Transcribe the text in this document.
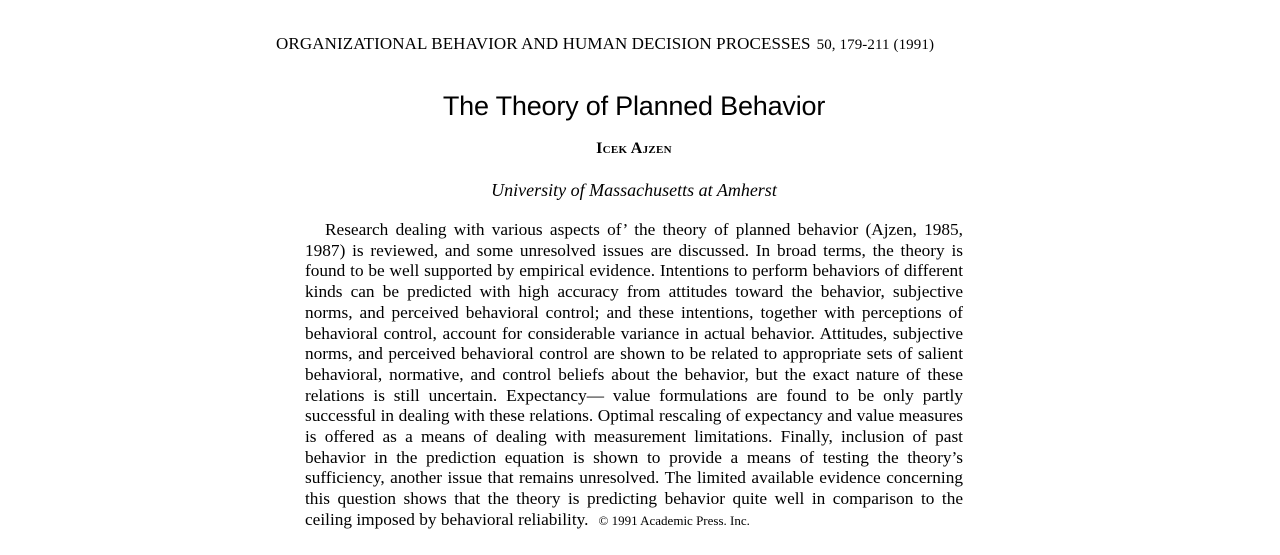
ORGANIZATIONAL BEHAVIOR AND HUMAN DECISION PROCESSES 50, 179-211 (1991)
The Theory of Planned Behavior
Icek Ajzen
University of Massachusetts at Amherst

Research dealing with various aspects of’ the theory of planned behavior (Ajzen, 1985, 1987) is reviewed, and some unresolved issues are discussed. In broad terms, the theory is found to be well supported by empirical evidence. Intentions to perform behaviors of different kinds can be predicted with high accuracy from attitudes toward the behavior, subjective norms, and perceived behavioral control; and these intentions, together with perceptions of behavioral control, account for considerable variance in actual behavior. Attitudes, subjective norms, and perceived behavioral control are shown to be related to appropriate sets of salient behavioral, normative, and control beliefs about the behavior, but the exact nature of these relations is still uncertain. Expectancy— value formulations are found to be only partly successful in dealing with these relations. Optimal rescaling of expectancy and value measures is offered as a means of dealing with measurement limitations. Finally, inclusion of past behavior in the prediction equation is shown to provide a means of testing the theory’s sufficiency, another issue that remains unresolved. The limited available evidence concerning this question shows that the theory is predicting behavior quite well in comparison to the ceiling imposed by behavioral reliability. © 1991 Academic Press. Inc.
